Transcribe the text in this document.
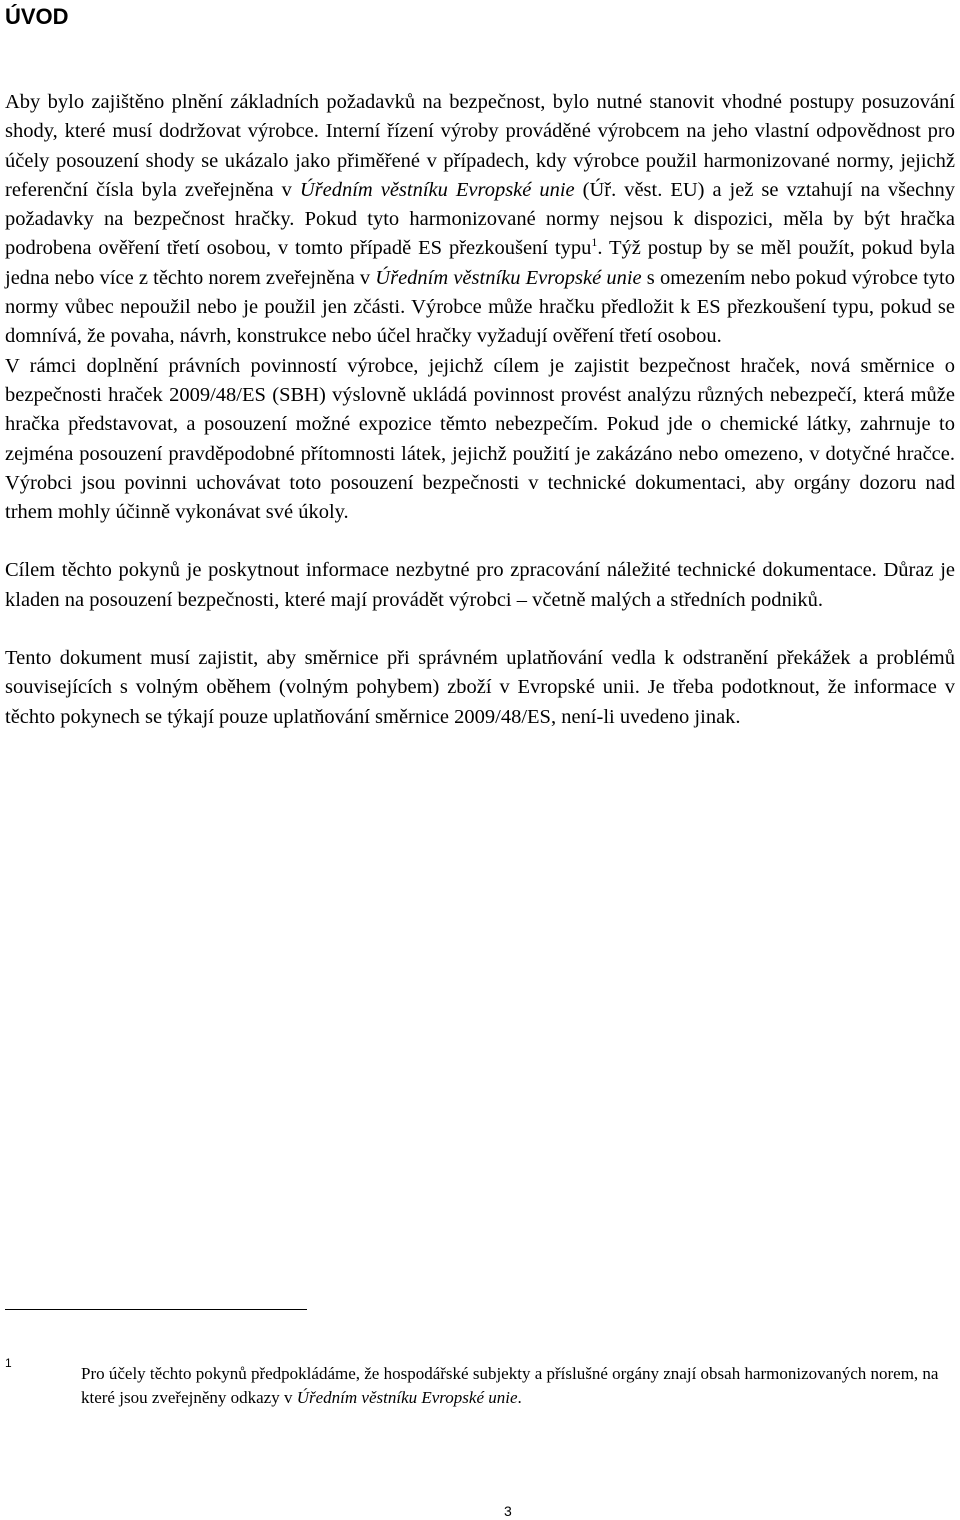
ÚVOD

Aby bylo zajištěno plnění základních požadavků na bezpečnost, bylo nutné stanovit vhodné postupy posuzování shody, které musí dodržovat výrobce. Interní řízení výroby prováděné výrobcem na jeho vlastní odpovědnost pro účely posouzení shody se ukázalo jako přiměřené v případech, kdy výrobce použil harmonizované normy, jejichž referenční čísla byla zveřejněna v Úředním věstníku Evropské unie (Úř. věst. EU) a jež se vztahují na všechny požadavky na bezpečnost hračky. Pokud tyto harmonizované normy nejsou k dispozici, měla by být hračka podrobena ověření třetí osobou, v tomto případě ES přezkoušení typu$^1$. Týž postup by se měl použít, pokud byla jedna nebo více z těchto norem zveřejněna v Úředním věstníku Evropské unie s omezením nebo pokud výrobce tyto normy vůbec nepoužil nebo je použil jen zčásti. Výrobce může hračku předložit k ES přezkoušení typu, pokud se domnívá, že povaha, návrh, konstrukce nebo účel hračky vyžadují ověření třetí osobou.

V rámci doplnění právních povinností výrobce, jejichž cílem je zajistit bezpečnost hraček, nová směrnice o bezpečnosti hraček 2009/48/ES (SBH) výslovně ukládá povinnost provést analýzu různých nebezpečí, která může hračka představovat, a posouzení možné expozice těmto nebezpečím. Pokud jde o chemické látky, zahrnuje to zejména posouzení pravděpodobné přítomnosti látek, jejichž použití je zakázáno nebo omezeno, v dotyčné hračce. Výrobci jsou povinni uchovávat toto posouzení bezpečnosti v technické dokumentaci, aby orgány dozoru nad trhem mohly účinně vykonávat své úkoly.

Cílem těchto pokynů je poskytnout informace nezbytné pro zpracování náležité technické dokumentace. Důraz je kladen na posouzení bezpečnosti, které mají provádět výrobci – včetně malých a středních podniků.

Tento dokument musí zajistit, aby směrnice při správném uplatňování vedla k odstranění překážek a problémů souvisejících s volným oběhem (volným pohybem) zboží v Evropské unii. Je třeba podotknout, že informace v těchto pokynech se týkají pouze uplatňování směrnice 2009/48/ES, není-li uvedeno jinak.

1

Pro účely těchto pokynů předpokládáme, že hospodářské subjekty a příslušné orgány znají obsah harmonizovaných norem, na které jsou zveřejněny odkazy v Úředním věstníku Evropské unie.

3
